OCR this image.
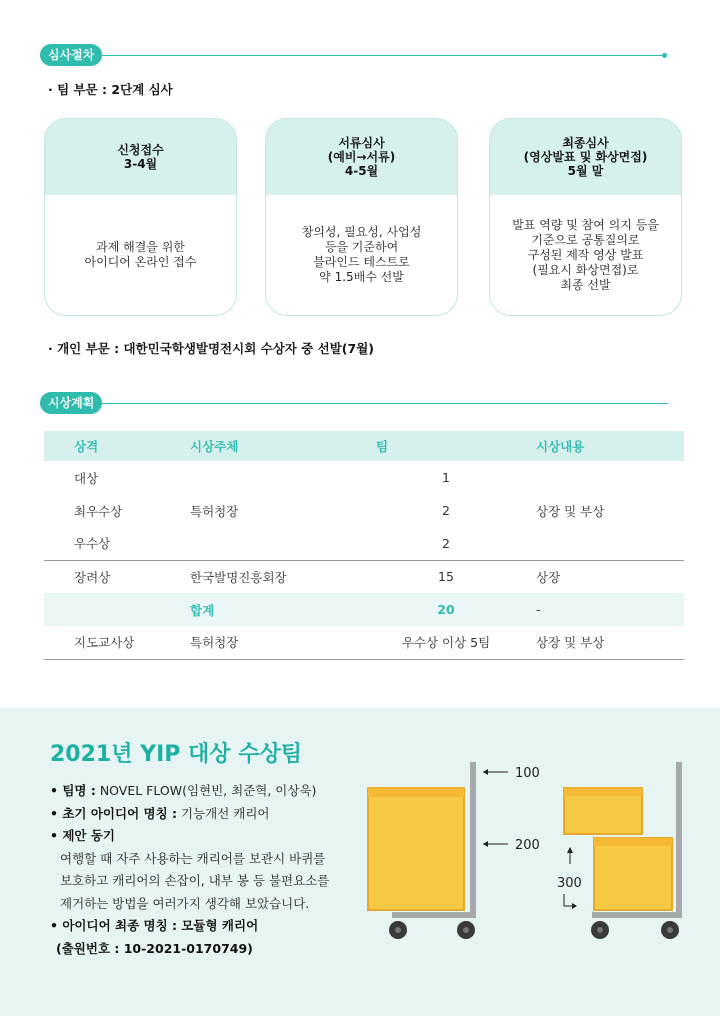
심사절차
· 팀 부문 : 2단계 심사
신청접수
3-4월
과제 해결을 위한
아이디어 온라인 접수
서류심사
(예비→서류)
4-5월
창의성, 필요성, 사업성
등을 기준하여
블라인드 테스트로
약 1.5배수 선발
최종심사
(영상발표 및 화상면접)
5월 말
발표 역량 및 참여 의지 등을
기준으로 공통질의로
구성된 제작 영상 발표
(필요시 화상면접)로
최종 선발
· 개인 부문 : 대한민국학생발명전시회 수상자 중 선발(7월)
시상계획
상격	시상주체	팀	시상내용
대상		1	
최우수상	특허청장	2	상장 및 부상
우수상		2	
장려상	한국발명진흥회장	15	상장
	합계	20	-
지도교사상	특허청장	우수상 이상 5팀	상장 및 부상
2021년 YIP 대상 수상팀
• 팀명 : NOVEL FLOW(임현빈, 최준혁, 이상욱)
• 초기 아이디어 명칭 : 기능개선 캐리어
• 제안 동기
여행할 때 자주 사용하는 캐리어를 보관시 바퀴를
보호하고 캐리어의 손잡이, 내부 봉 등 불편요소를
제거하는 방법을 여러가지 생각해 보았습니다.
• 아이디어 최종 명칭 : 모듈형 캐리어
(출원번호 : 10-2021-0170749)
100
200
300
